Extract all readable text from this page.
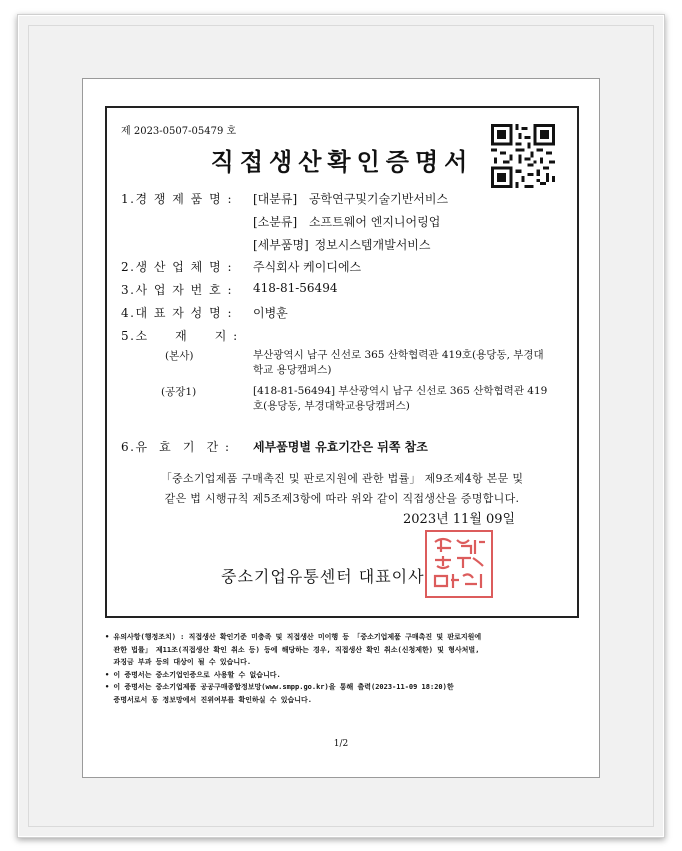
제 2023-0507-05479 호
직접생산확인증명서
1.경 쟁 제 품 명 : [대분류] 공학연구및기술기반서비스
[소분류] 소프트웨어 엔지니어링업
[세부품명] 정보시스템개발서비스
2.생 산 업 체 명 : 주식회사 케이디에스
3.사 업 자 번 호 : 418-81-56494
4.대 표 자 성 명 : 이병훈
5.소     재     지 :
(본사)	부산광역시 남구 신선로 365 산학협력관 419호(용당동, 부경대
학교 용당캠퍼스)
(공장1)	[418-81-56494] 부산광역시 남구 신선로 365 산학협력관 419
호(용당동, 부경대학교용당캠퍼스)
6.유  효  기  간 : 세부품명별 유효기간은 뒤쪽 참조
「중소기업제품 구매촉진 및 판로지원에 관한 법률」 제9조제4항 본문 및
같은 법 시행규칙 제5조제3항에 따라 위와 같이 직접생산을 증명합니다.
2023년 11월 09일
중소기업유통센터 대표이사

• 유의사항(행정조치) : 직접생산 확인기준 미충족 및 직접생산 미이행 등 「중소기업제품 구매촉진 및 판로지원에

관한 법률」 제11조(직접생산 확인 취소 등) 등에 해당하는 경우, 직접생산 확인 취소(신청제한) 및 형사처벌,

과징금 부과 등의 대상이 될 수 있습니다.

• 이 증명서는 중소기업인증으로 사용할 수 없습니다.

• 이 증명서는 중소기업제품 공공구매종합정보망(www.smpp.go.kr)을 통해 출력(2023-11-09 18:20)한

증명서로서 동 정보망에서 진위여부를 확인하실 수 있습니다.

1/2
